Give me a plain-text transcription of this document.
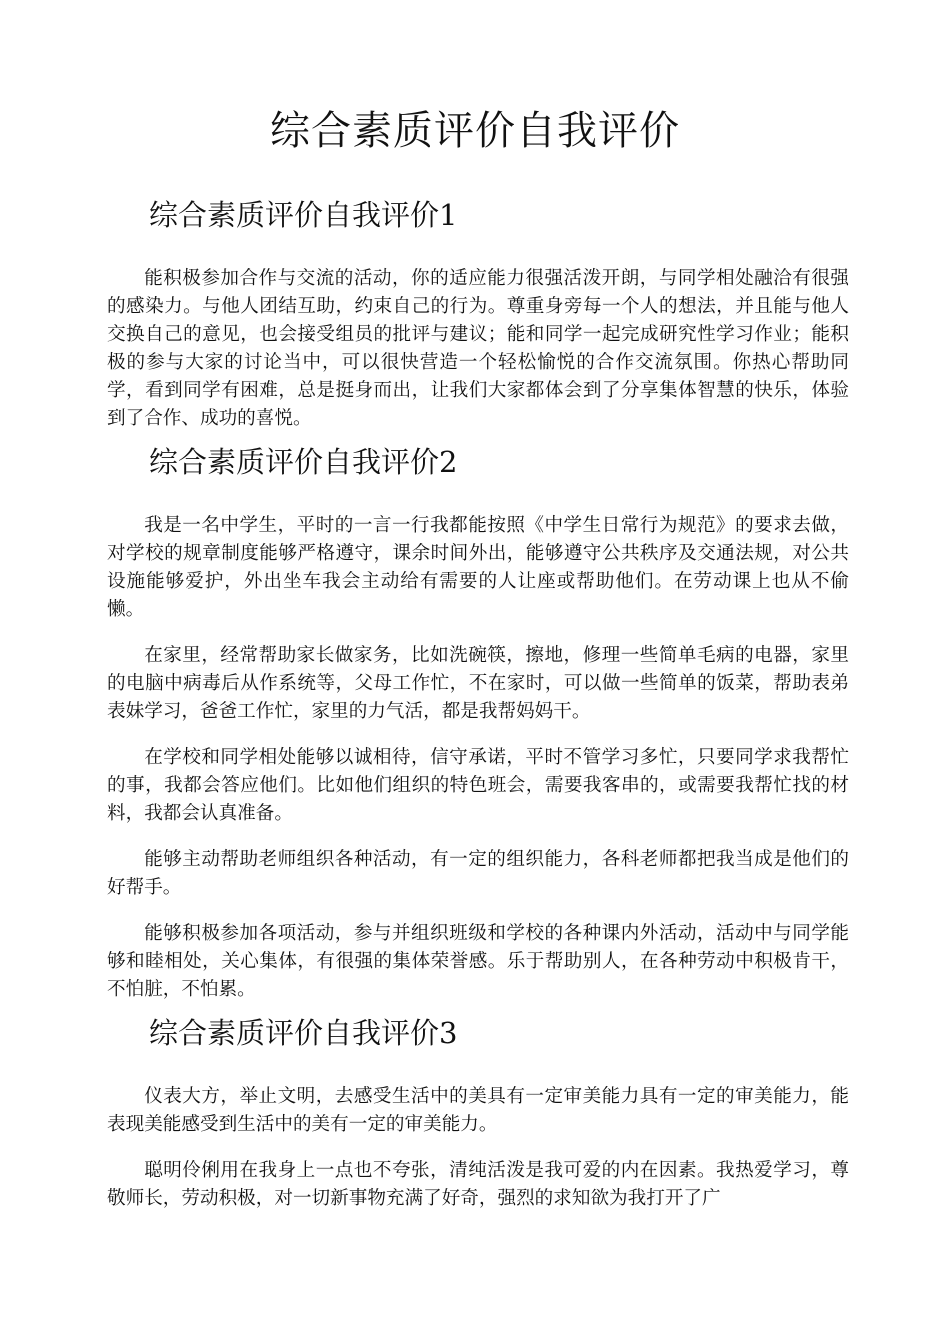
综合素质评价自我评价
综合素质评价自我评价1

能积极参加合作与交流的活动，你的适应能力很强活泼开朗，与同学相处融洽有很强的感染力。与他人团结互助，约束自己的行为。尊重身旁每一个人的想法，并且能与他人交换自己的意见，也会接受组员的批评与建议；能和同学一起完成研究性学习作业；能积极的参与大家的讨论当中，可以很快营造一个轻松愉悦的合作交流氛围。你热心帮助同学，看到同学有困难，总是挺身而出，让我们大家都体会到了分享集体智慧的快乐，体验到了合作、成功的喜悦。

综合素质评价自我评价2

我是一名中学生，平时的一言一行我都能按照《中学生日常行为规范》的要求去做，对学校的规章制度能够严格遵守，课余时间外出，能够遵守公共秩序及交通法规，对公共设施能够爱护，外出坐车我会主动给有需要的人让座或帮助他们。在劳动课上也从不偷懒。

在家里，经常帮助家长做家务，比如洗碗筷，擦地，修理一些简单毛病的电器，家里的电脑中病毒后从作系统等，父母工作忙，不在家时，可以做一些简单的饭菜，帮助表弟表妹学习，爸爸工作忙，家里的力气活，都是我帮妈妈干。

在学校和同学相处能够以诚相待，信守承诺，平时不管学习多忙，只要同学求我帮忙的事，我都会答应他们。比如他们组织的特色班会，需要我客串的，或需要我帮忙找的材料，我都会认真准备。

能够主动帮助老师组织各种活动，有一定的组织能力，各科老师都把我当成是他们的好帮手。

能够积极参加各项活动，参与并组织班级和学校的各种课内外活动，活动中与同学能够和睦相处，关心集体，有很强的集体荣誉感。乐于帮助别人，在各种劳动中积极肯干，不怕脏，不怕累。

综合素质评价自我评价3

仪表大方，举止文明，去感受生活中的美具有一定审美能力具有一定的审美能力，能表现美能感受到生活中的美有一定的审美能力。

聪明伶俐用在我身上一点也不夸张，清纯活泼是我可爱的内在因素。我热爱学习，尊敬师长，劳动积极，对一切新事物充满了好奇，强烈的求知欲为我打开了广
